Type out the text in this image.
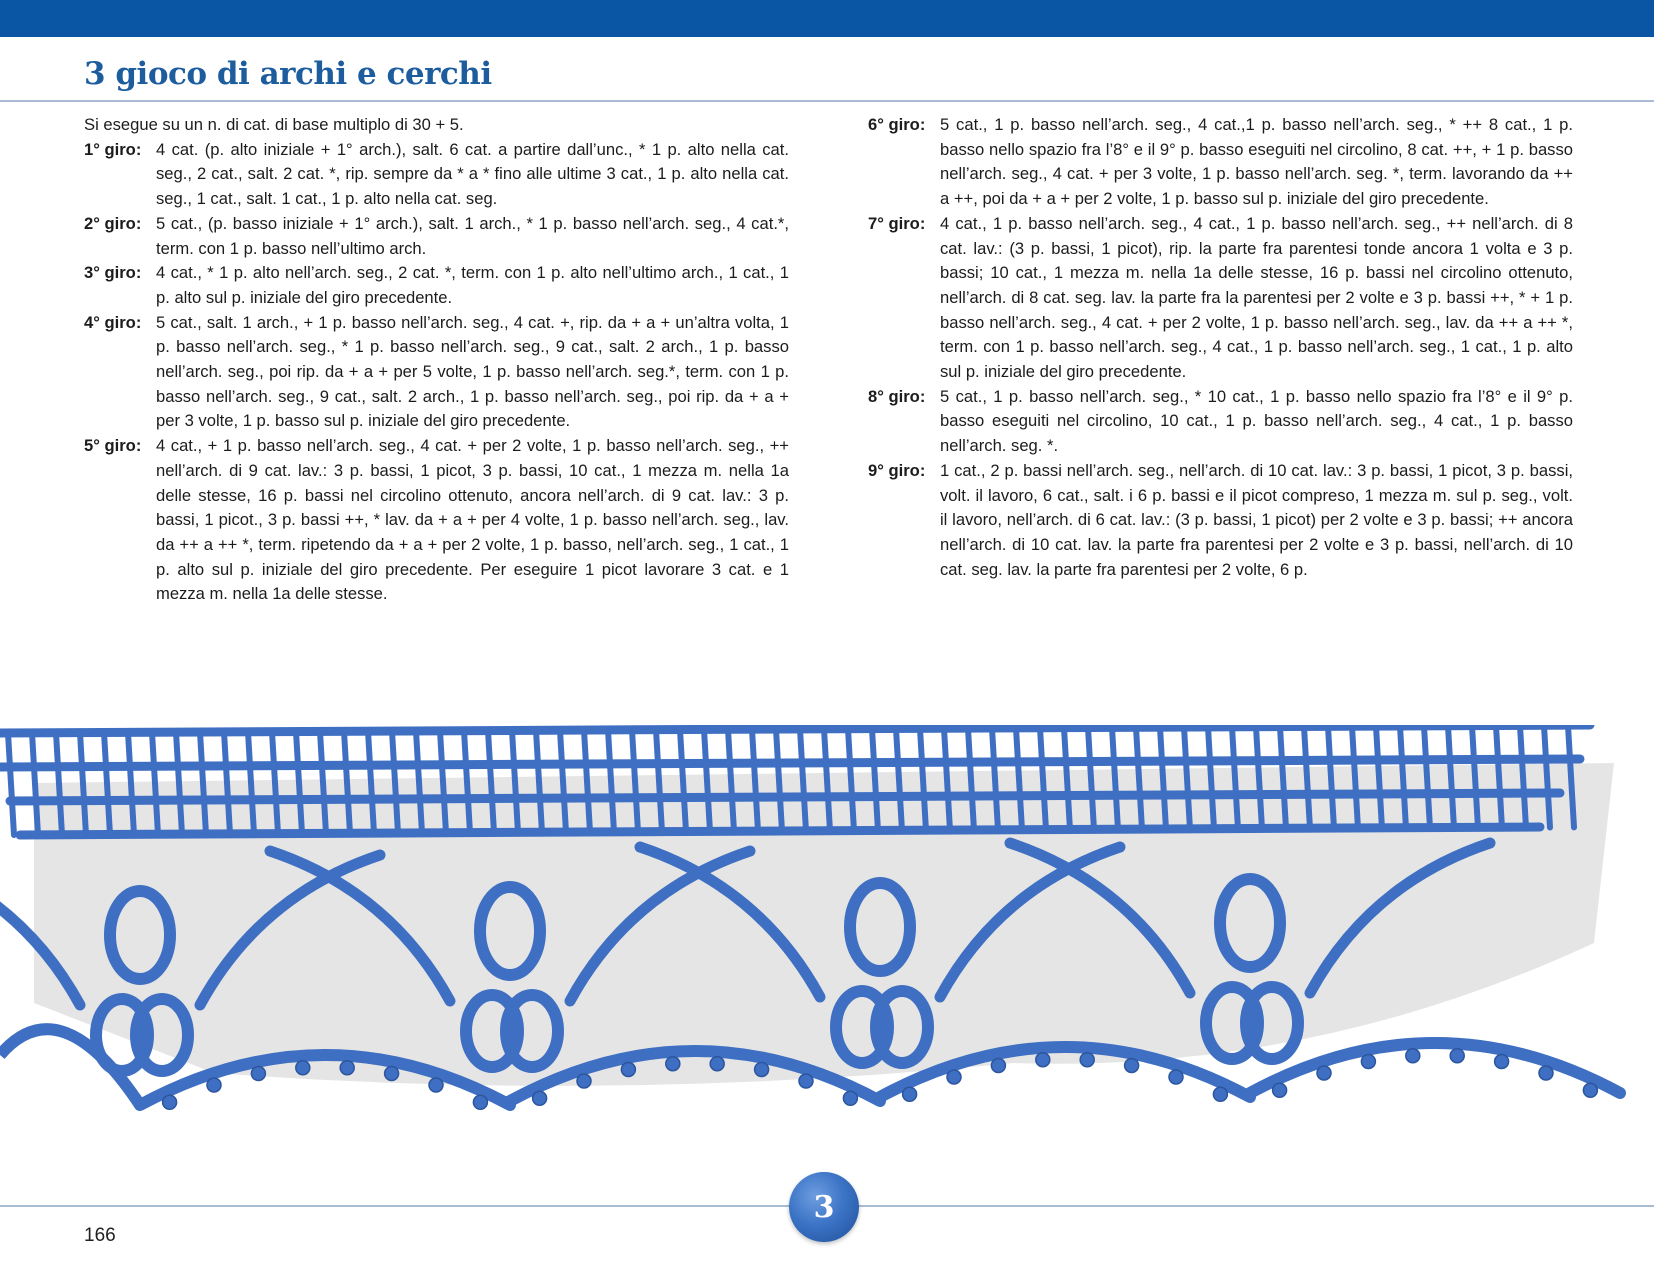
3 gioco di archi e cerchi

Si esegue su un n. di cat. di base multiplo di 30 + 5.

1° giro: 4 cat. (p. alto iniziale + 1° arch.), salt. 6 cat. a partire dall’unc., * 1 p. alto nella cat. seg., 2 cat., salt. 2 cat. *, rip. sempre da * a * fino alle ultime 3 cat., 1 p. alto nella cat. seg., 1 cat., salt. 1 cat., 1 p. alto nella cat. seg.
2° giro: 5 cat., (p. basso iniziale + 1° arch.), salt. 1 arch., * 1 p. basso nell’arch. seg., 4 cat.*, term. con 1 p. basso nell’ultimo arch.
3° giro: 4 cat., * 1 p. alto nell’arch. seg., 2 cat. *, term. con 1 p. alto nell’ultimo arch., 1 cat., 1 p. alto sul p. iniziale del giro precedente.
4° giro: 5 cat., salt. 1 arch., + 1 p. basso nell’arch. seg., 4 cat. +, rip. da + a + un’altra volta, 1 p. basso nell’arch. seg., * 1 p. basso nell’arch. seg., 9 cat., salt. 2 arch., 1 p. basso nell’arch. seg., poi rip. da + a + per 5 volte, 1 p. basso nell’arch. seg.*, term. con 1 p. basso nell’arch. seg., 9 cat., salt. 2 arch., 1 p. basso nell’arch. seg., poi rip. da + a + per 3 volte, 1 p. basso sul p. iniziale del giro precedente.
5° giro: 4 cat., + 1 p. basso nell’arch. seg., 4 cat. + per 2 volte, 1 p. basso nell’arch. seg., ++ nell’arch. di 9 cat. lav.: 3 p. bassi, 1 picot, 3 p. bassi, 10 cat., 1 mezza m. nella 1a delle stesse, 16 p. bassi nel circolino ottenuto, ancora nell’arch. di 9 cat. lav.: 3 p. bassi, 1 picot., 3 p. bassi ++, * lav. da + a + per 4 volte, 1 p. basso nell’arch. seg., lav. da ++ a ++ *, term. ripetendo da + a + per 2 volte, 1 p. basso, nell’arch. seg., 1 cat., 1 p. alto sul p. iniziale del giro precedente. Per eseguire 1 picot lavorare 3 cat. e 1 mezza m. nella 1a delle stesse.
6° giro: 5 cat., 1 p. basso nell’arch. seg., 4 cat.,1 p. basso nell’arch. seg., * ++ 8 cat., 1 p. basso nello spazio fra l’8° e il 9° p. basso eseguiti nel circolino, 8 cat. ++, + 1 p. basso nell’arch. seg., 4 cat. + per 3 volte, 1 p. basso nell’arch. seg. *, term. lavorando da ++ a ++, poi da + a + per 2 volte, 1 p. basso sul p. iniziale del giro precedente.
7° giro: 4 cat., 1 p. basso nell’arch. seg., 4 cat., 1 p. basso nell’arch. seg., ++ nell’arch. di 8 cat. lav.: (3 p. bassi, 1 picot), rip. la parte fra parentesi tonde ancora 1 volta e 3 p. bassi; 10 cat., 1 mezza m. nella 1a delle stesse, 16 p. bassi nel circolino ottenuto, nell’arch. di 8 cat. seg. lav. la parte fra la parentesi per 2 volte e 3 p. bassi ++, * + 1 p. basso nell’arch. seg., 4 cat. + per 2 volte, 1 p. basso nell’arch. seg., lav. da ++ a ++ *, term. con 1 p. basso nell’arch. seg., 4 cat., 1 p. basso nell’arch. seg., 1 cat., 1 p. alto sul p. iniziale del giro precedente.
8° giro: 5 cat., 1 p. basso nell’arch. seg., * 10 cat., 1 p. basso nello spazio fra l’8° e il 9° p. basso eseguiti nel circolino, 10 cat., 1 p. basso nell’arch. seg., 4 cat., 1 p. basso nell’arch. seg. *.
9° giro: 1 cat., 2 p. bassi nell’arch. seg., nell’arch. di 10 cat. lav.: 3 p. bassi, 1 picot, 3 p. bassi, volt. il lavoro, 6 cat., salt. i 6 p. bassi e il picot compreso, 1 mezza m. sul p. seg., volt. il lavoro, nell’arch. di 6 cat. lav.: (3 p. bassi, 1 picot) per 2 volte e 3 p. bassi; ++ ancora nell’arch. di 10 cat. lav. la parte fra parentesi per 2 volte e 3 p. bassi, nell’arch. di 10 cat. seg. lav. la parte fra parentesi per 2 volte, 6 p.
3
166
